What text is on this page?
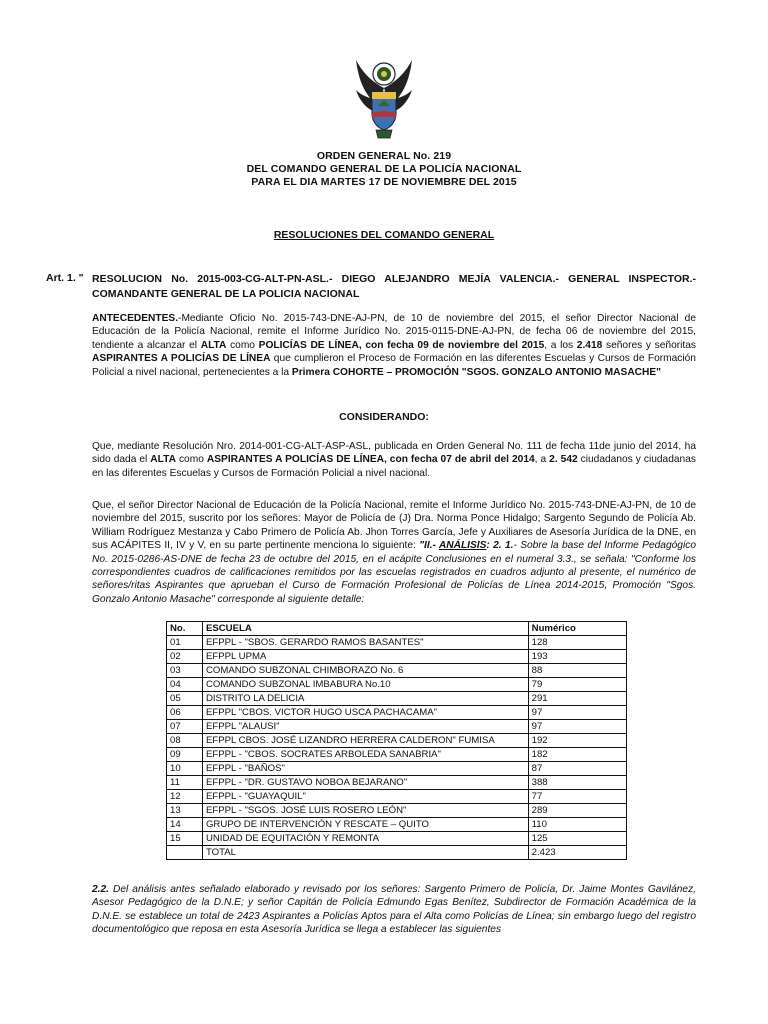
ORDEN GENERAL No. 219
DEL COMANDO GENERAL DE LA POLICÍA NACIONAL
PARA EL DIA MARTES 17 DE NOVIEMBRE DEL 2015
RESOLUCIONES DEL COMANDO GENERAL
Art. 1. " RESOLUCION No. 2015-003-CG-ALT-PN-ASL.- DIEGO ALEJANDRO MEJÍA VALENCIA.- GENERAL INSPECTOR.- COMANDANTE GENERAL DE LA POLICIA NACIONAL
ANTECEDENTES.-Mediante Oficio No. 2015-743-DNE-AJ-PN, de 10 de noviembre del 2015, el señor Director Nacional de Educación de la Policía Nacional, remite el Informe Jurídico No. 2015-0115-DNE-AJ-PN, de fecha 06 de noviembre del 2015, tendiente a alcanzar el ALTA como POLICÍAS DE LÍNEA, con fecha 09 de noviembre del 2015, a los 2.418 señores y señoritas ASPIRANTES A POLICÍAS DE LÍNEA que cumplieron el Proceso de Formación en las diferentes Escuelas y Cursos de Formación Policial a nivel nacional, pertenecientes a la Primera COHORTE – PROMOCIÓN "SGOS. GONZALO ANTONIO MASACHE"
CONSIDERANDO:
Que, mediante Resolución Nro. 2014-001-CG-ALT-ASP-ASL, publicada en Orden General No. 111 de fecha 11de junio del 2014, ha sido dada el ALTA como ASPIRANTES A POLICÍAS DE LÍNEA, con fecha 07 de abril del 2014, a 2. 542 ciudadanos y ciudadanas en las diferentes Escuelas y Cursos de Formación Policial a nivel nacional.
Que, el señor Director Nacional de Educación de la Policía Nacional, remite el Informe Jurídico No. 2015-743-DNE-AJ-PN, de 10 de noviembre del 2015, suscrito por los señores: Mayor de Policía de (J) Dra. Norma Ponce Hidalgo; Sargento Segundo de Policía Ab. William Rodríguez Mestanza y Cabo Primero de Policía Ab. Jhon Torres García, Jefe y Auxiliares de Asesoría Jurídica de la DNE, en sus ACÁPITES II, IV y V, en su parte pertinente menciona lo siguiente: "II.- ANÁLISIS: 2. 1.- Sobre la base del Informe Pedagógico No. 2015-0286-AS-DNE de fecha 23 de octubre del 2015, en el acápite Conclusiones en el numeral 3.3., se señala: "Conforme los correspondientes cuadros de calificaciones remitidos por las escuelas registrados en cuadros adjunto al presente, el numérico de señores/ritas Aspirantes que aprueban el Curso de Formación Profesional de Policías de Línea 2014-2015, Promoción "Sgos. Gonzalo Antonio Masache" corresponde al siguiente detalle:
No.	ESCUELA	Numérico
01	EFPPL - "SBOS. GERARDO RAMOS BASANTES"	128
02	EFPPL UPMA	193
03	COMANDO SUBZONAL CHIMBORAZO No. 6	88
04	COMANDO SUBZONAL IMBABURA No.10	79
05	DISTRITO LA DELICIA	291
06	EFPPL "CBOS. VICTOR HUGO USCA PACHACAMA"	97
07	EFPPL "ALAUSI"	97
08	EFPPL CBOS. JOSÉ LIZANDRO HERRERA CALDERON" FUMISA	192
09	EFPPL - "CBOS. SOCRATES ARBOLEDA SANABRIA"	182
10	EFPPL - "BAÑOS"	87
11	EFPPL - "DR. GUSTAVO NOBOA BEJARANO"	388
12	EFPPL - "GUAYAQUIL"	77
13	EFPPL - "SGOS. JOSÉ LUIS ROSERO LEÓN"	289
14	GRUPO DE INTERVENCIÓN Y RESCATE – QUITO	110
15	UNIDAD DE EQUITACIÓN Y REMONTA	125
	TOTAL	2.423
2.2. Del análisis antes señalado elaborado y revisado por los señores: Sargento Primero de Policía, Dr. Jaime Montes Gavilánez, Asesor Pedagógico de la D.N.E; y señor Capitán de Policía Edmundo Egas Benítez, Subdirector de Formación Académica de la D.N.E. se establece un total de 2423 Aspirantes a Policías Aptos para el Alta como Policías de Línea; sin embargo luego del registro documentológico que reposa en esta Asesoría Jurídica se llega a establecer las siguientes
